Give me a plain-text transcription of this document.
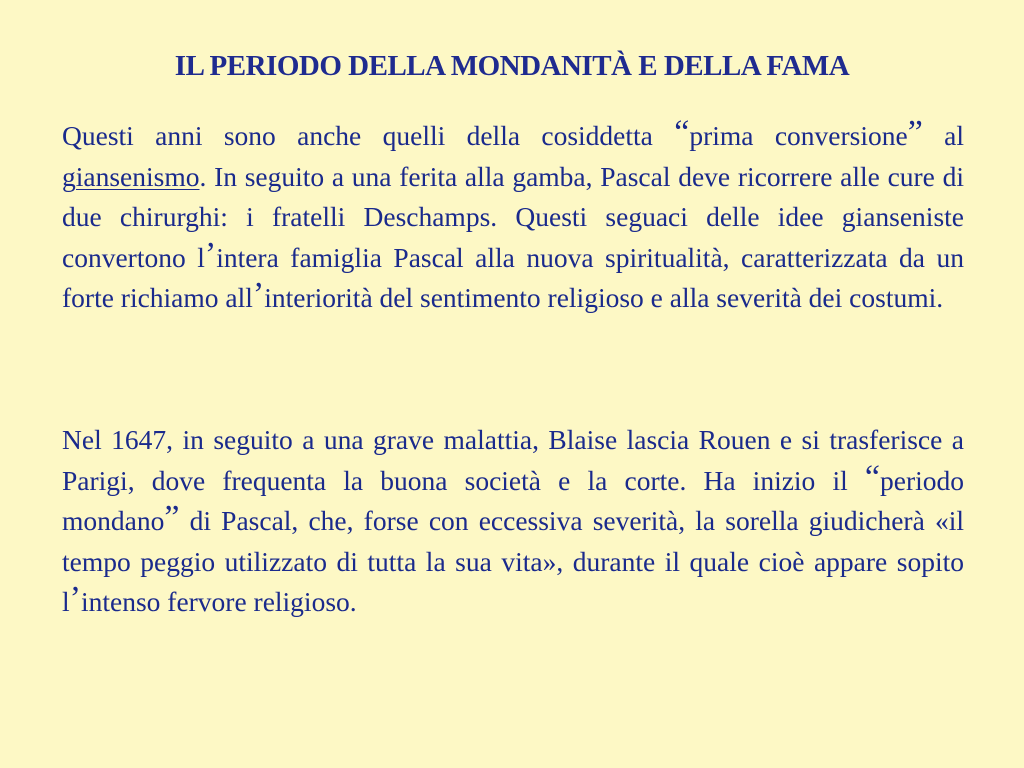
IL PERIODO DELLA MONDANITÀ E DELLA FAMA

Questi anni sono anche quelli della cosiddetta “prima conversione” al giansenismo. In seguito a una ferita alla gamba, Pascal deve ricorrere alle cure di due chirurghi: i fratelli Deschamps. Questi seguaci delle idee gianseniste convertono l’intera famiglia Pascal alla nuova spiritualità, caratterizzata da un forte richiamo all’interiorità del sentimento religioso e alla severità dei costumi.

Nel 1647, in seguito a una grave malattia, Blaise lascia Rouen e si trasferisce a Parigi, dove frequenta la buona società e la corte. Ha inizio il “periodo mondano” di Pascal, che, forse con eccessiva severità, la sorella giudicherà «il tempo peggio utilizzato di tutta la sua vita», durante il quale cioè appare sopito l’intenso fervore religioso.
